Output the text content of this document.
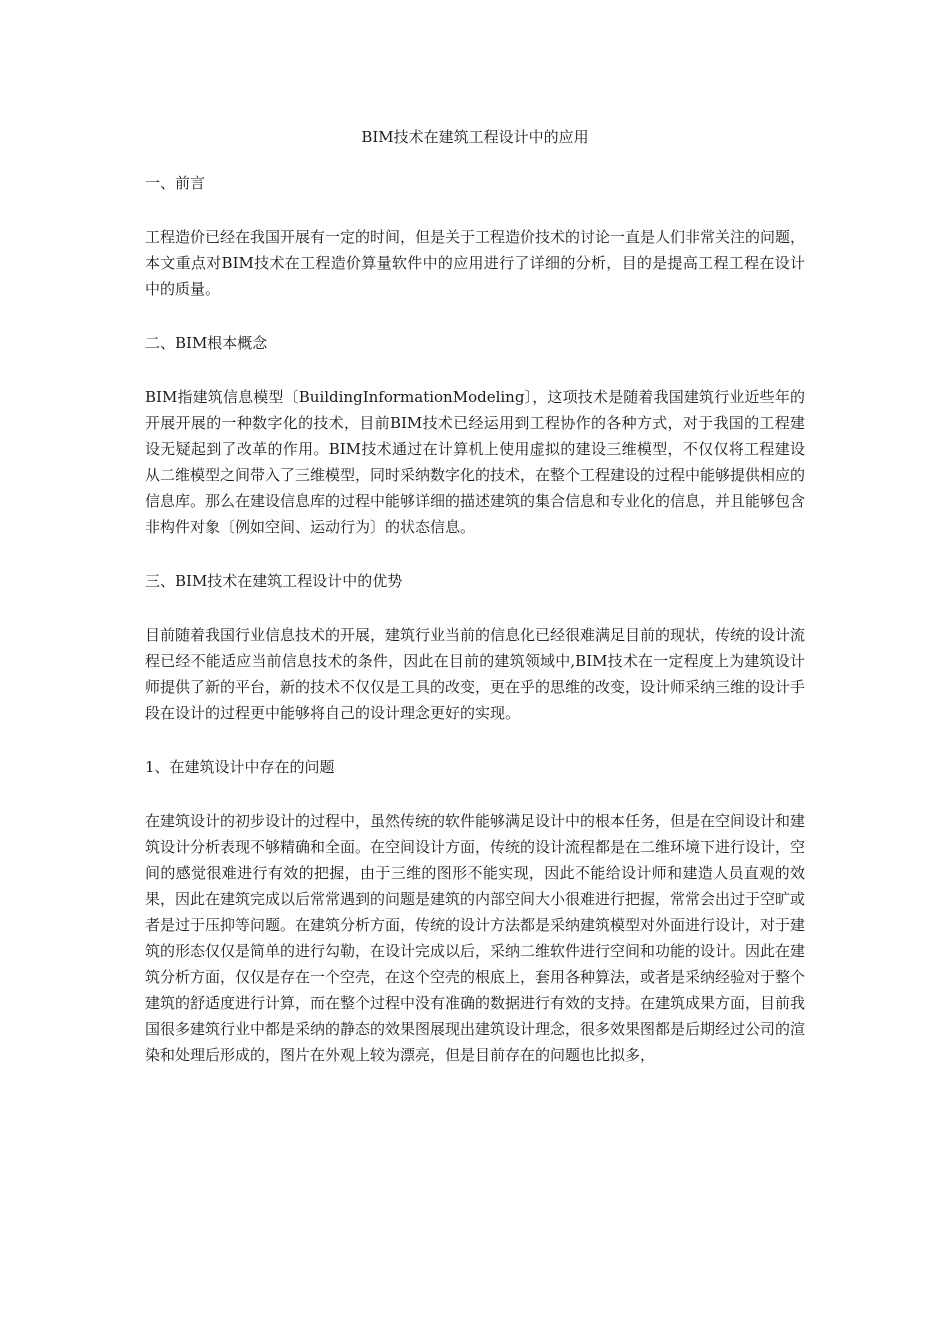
BIM技术在建筑工程设计中的应用
一、前言
工程造价已经在我国开展有一定的时间，但是关于工程造价技术的讨论一直是人们非常关注的问题，本文重点对BIM技术在工程造价算量软件中的应用进行了详细的分析，目的是提高工程工程在设计中的质量。
二、BIM根本概念
BIM指建筑信息模型〔BuildingInformationModeling〕，这项技术是随着我国建筑行业近些年的开展开展的一种数字化的技术，目前BIM技术已经运用到工程协作的各种方式，对于我国的工程建设无疑起到了改革的作用。BIM技术通过在计算机上使用虚拟的建设三维模型，不仅仅将工程建设从二维模型之间带入了三维模型，同时采纳数字化的技术，在整个工程建设的过程中能够提供相应的信息库。那么在建设信息库的过程中能够详细的描述建筑的集合信息和专业化的信息，并且能够包含非构件对象〔例如空间、运动行为〕的状态信息。
三、BIM技术在建筑工程设计中的优势
目前随着我国行业信息技术的开展，建筑行业当前的信息化已经很难满足目前的现状，传统的设计流程已经不能适应当前信息技术的条件，因此在目前的建筑领域中,BIM技术在一定程度上为建筑设计师提供了新的平台，新的技术不仅仅是工具的改变，更在乎的思维的改变，设计师采纳三维的设计手段在设计的过程更中能够将自己的设计理念更好的实现。
1、在建筑设计中存在的问题
在建筑设计的初步设计的过程中，虽然传统的软件能够满足设计中的根本任务，但是在空间设计和建筑设计分析表现不够精确和全面。在空间设计方面，传统的设计流程都是在二维环境下进行设计，空间的感觉很难进行有效的把握，由于三维的图形不能实现，因此不能给设计师和建造人员直观的效果，因此在建筑完成以后常常遇到的问题是建筑的内部空间大小很难进行把握，常常会出过于空旷或者是过于压抑等问题。在建筑分析方面，传统的设计方法都是采纳建筑模型对外面进行设计，对于建筑的形态仅仅是简单的进行勾勒，在设计完成以后，采纳二维软件进行空间和功能的设计。因此在建筑分析方面，仅仅是存在一个空壳，在这个空壳的根底上，套用各种算法，或者是采纳经验对于整个建筑的舒适度进行计算，而在整个过程中没有准确的数据进行有效的支持。在建筑成果方面，目前我国很多建筑行业中都是采纳的静态的效果图展现出建筑设计理念，很多效果图都是后期经过公司的渲染和处理后形成的，图片在外观上较为漂亮，但是目前存在的问题也比拟多，
